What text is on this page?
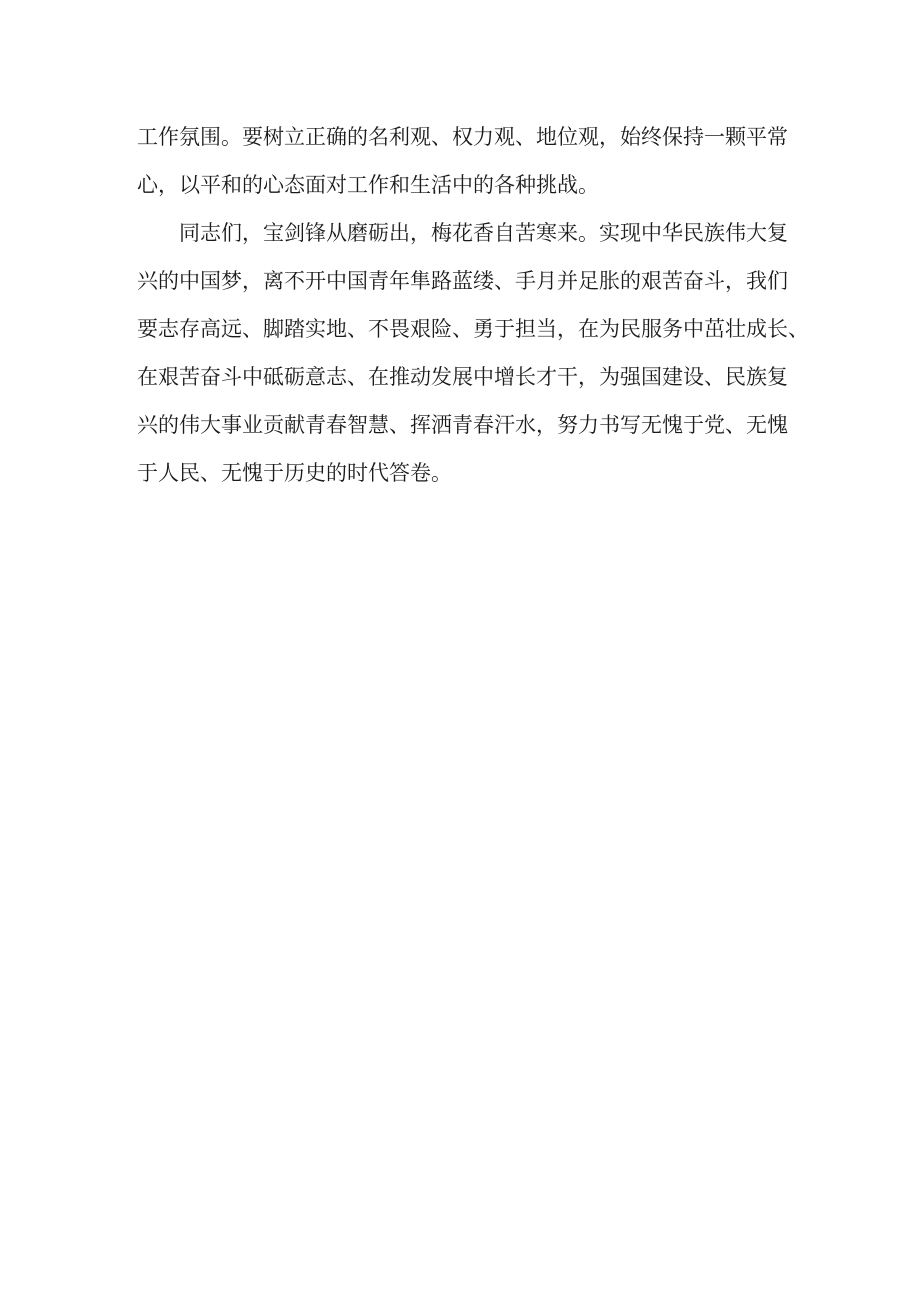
工作氛围。要树立正确的名利观、权力观、地位观，始终保持一颗平常
心，以平和的心态面对工作和生活中的各种挑战。
同志们，宝剑锋从磨砺出，梅花香自苦寒来。实现中华民族伟大复
兴的中国梦，离不开中国青年隼路蓝缕、手月并足胀的艰苦奋斗，我们
要志存高远、脚踏实地、不畏艰险、勇于担当，在为民服务中茁壮成长、
在艰苦奋斗中砥砺意志、在推动发展中增长才干，为强国建设、民族复
兴的伟大事业贡献青春智慧、挥洒青春汗水，努力书写无愧于党、无愧
于人民、无愧于历史的时代答卷。
